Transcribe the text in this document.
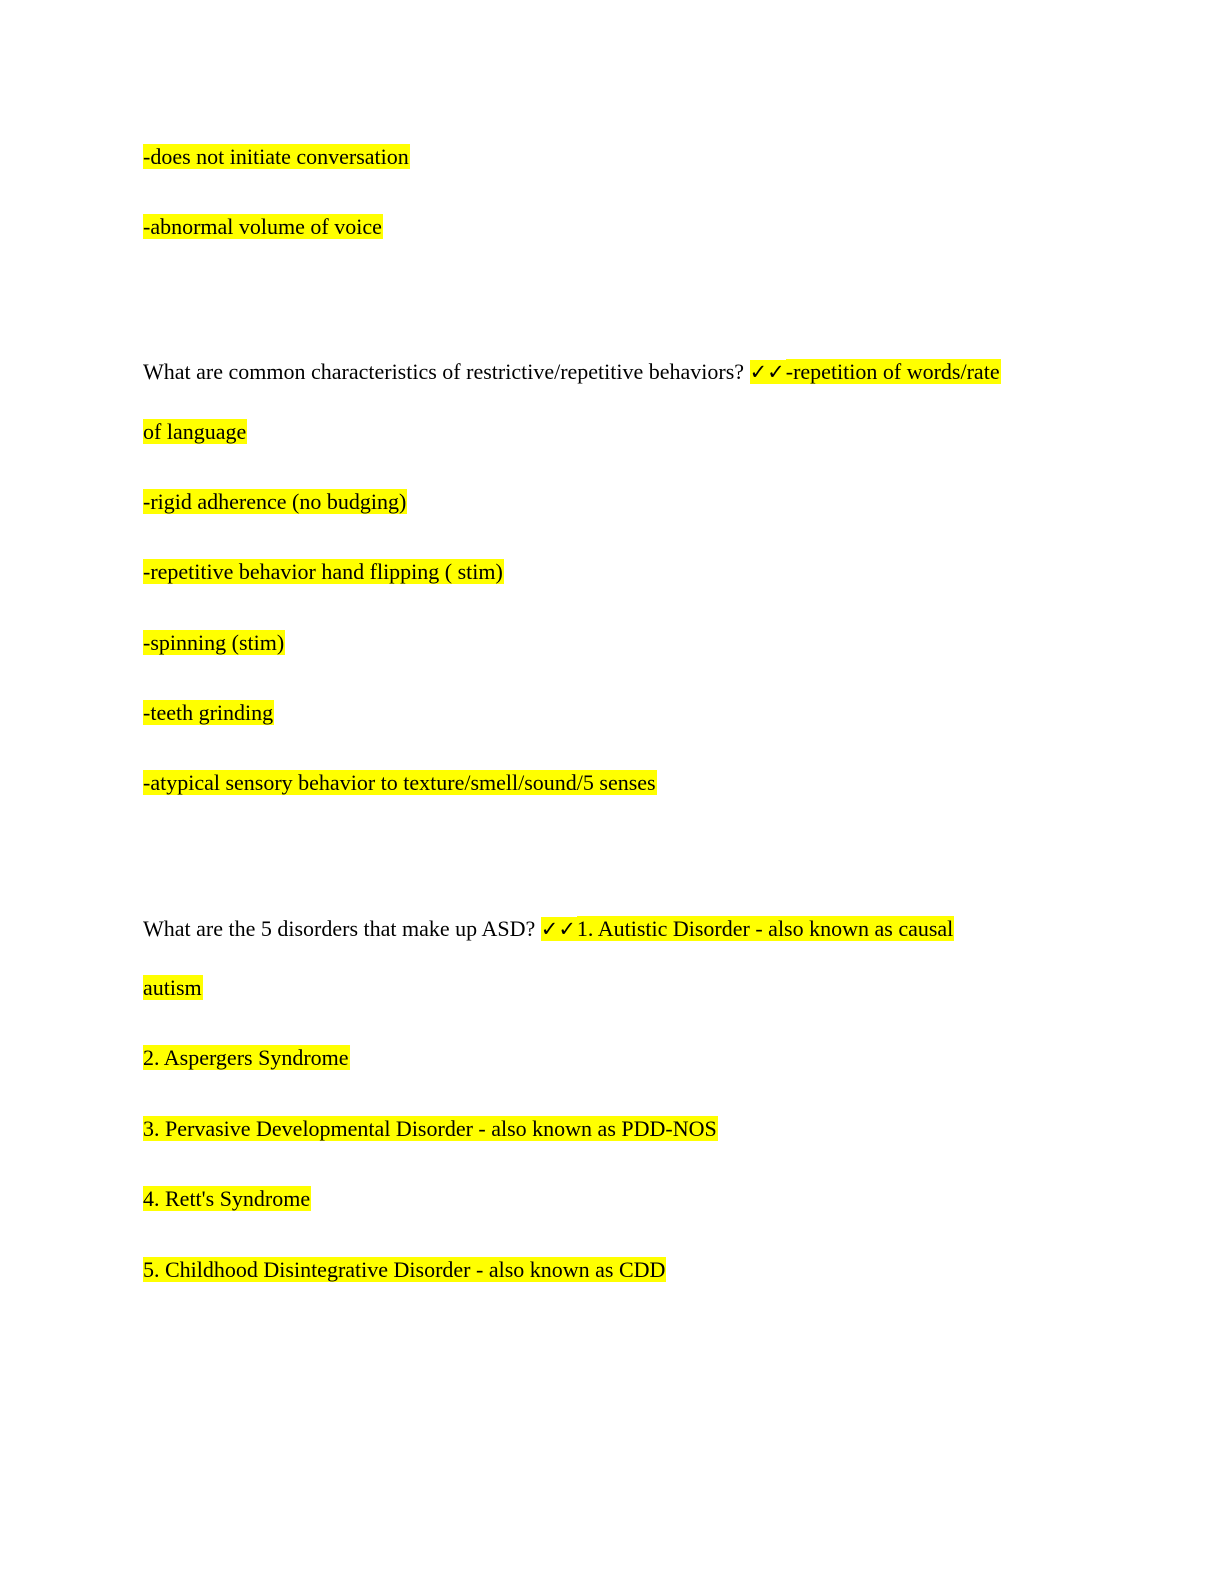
-does not initiate conversation
-abnormal volume of voice
What are common characteristics of restrictive/repetitive behaviors? ✓✓-repetition of words/rate
of language
-rigid adherence (no budging)
-repetitive behavior hand flipping ( stim)
-spinning (stim)
-teeth grinding
-atypical sensory behavior to texture/smell/sound/5 senses
What are the 5 disorders that make up ASD? ✓✓1. Autistic Disorder - also known as causal
autism
2. Aspergers Syndrome
3. Pervasive Developmental Disorder - also known as PDD-NOS
4. Rett's Syndrome
5. Childhood Disintegrative Disorder - also known as CDD
